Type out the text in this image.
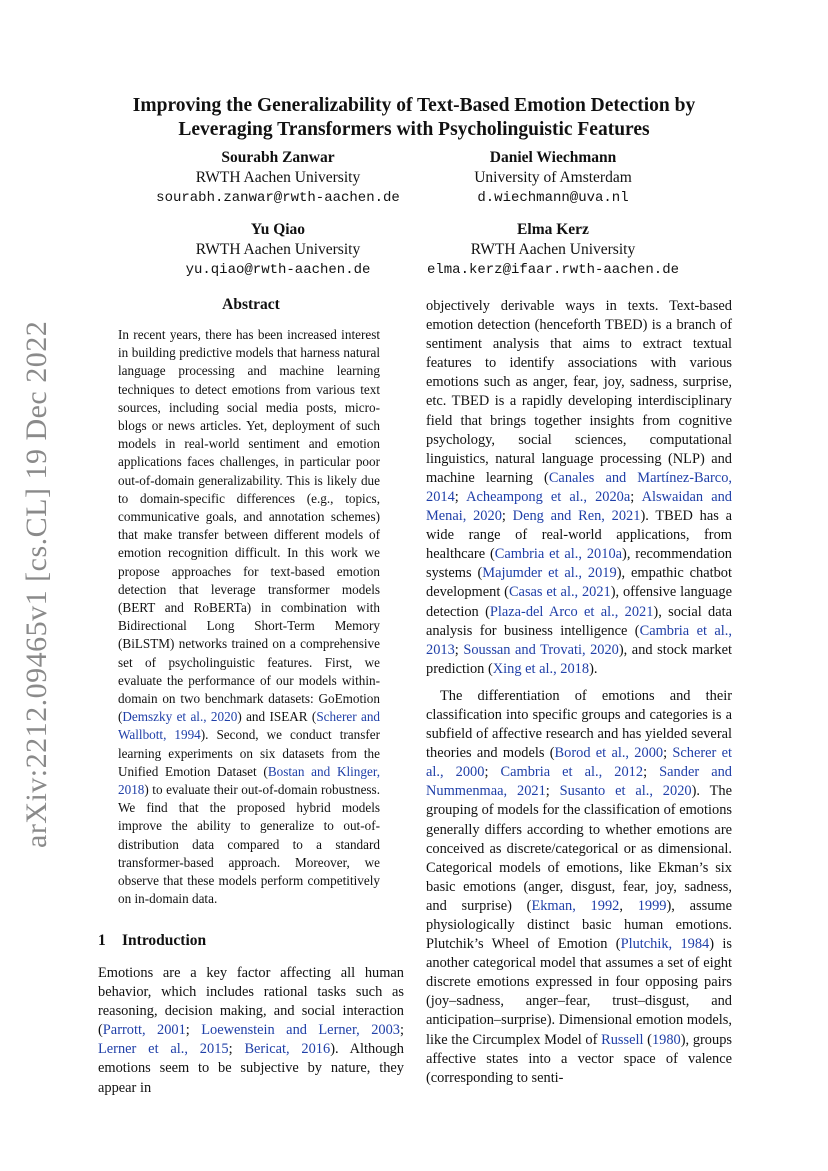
arXiv:2212.09465v1 [cs.CL] 19 Dec 2022
Improving the Generalizability of Text-Based Emotion Detection by
Leveraging Transformers with Psycholinguistic Features
Sourabh Zanwar
RWTH Aachen University
sourabh.zanwar@rwth-aachen.de
Daniel Wiechmann
University of Amsterdam
d.wiechmann@uva.nl
Yu Qiao
RWTH Aachen University
yu.qiao@rwth-aachen.de
Elma Kerz
RWTH Aachen University
elma.kerz@ifaar.rwth-aachen.de
Abstract
In recent years, there has been increased interest in building predictive models that harness natural language processing and machine learning techniques to detect emotions from various text sources, including social media posts, micro-blogs or news articles. Yet, deployment of such models in real-world sentiment and emotion applications faces challenges, in particular poor out-of-domain generalizability. This is likely due to domain-specific differences (e.g., topics, communicative goals, and annotation schemes) that make transfer between different models of emotion recognition difficult. In this work we propose approaches for text-based emotion detection that leverage transformer models (BERT and RoBERTa) in combination with Bidirectional Long Short-Term Memory (BiLSTM) networks trained on a comprehensive set of psycholinguistic features. First, we evaluate the performance of our models within-domain on two benchmark datasets: GoEmotion (Demszky et al., 2020) and ISEAR (Scherer and Wallbott, 1994). Second, we conduct transfer learning experiments on six datasets from the Unified Emotion Dataset (Bostan and Klinger, 2018) to evaluate their out-of-domain robustness. We find that the proposed hybrid models improve the ability to generalize to out-of-distribution data compared to a standard transformer-based approach. Moreover, we observe that these models perform competitively on in-domain data.
1 Introduction
Emotions are a key factor affecting all human behavior, which includes rational tasks such as reasoning, decision making, and social interaction (Parrott, 2001; Loewenstein and Lerner, 2003; Lerner et al., 2015; Bericat, 2016). Although emotions seem to be subjective by nature, they appear in

objectively derivable ways in texts. Text-based emotion detection (henceforth TBED) is a branch of sentiment analysis that aims to extract textual features to identify associations with various emotions such as anger, fear, joy, sadness, surprise, etc. TBED is a rapidly developing interdisciplinary field that brings together insights from cognitive psychology, social sciences, computational linguistics, natural language processing (NLP) and machine learning (Canales and Martínez-Barco, 2014; Acheampong et al., 2020a; Alswaidan and Menai, 2020; Deng and Ren, 2021). TBED has a wide range of real-world applications, from healthcare (Cambria et al., 2010a), recommendation systems (Majumder et al., 2019), empathic chatbot development (Casas et al., 2021), offensive language detection (Plaza-del Arco et al., 2021), social data analysis for business intelligence (Cambria et al., 2013; Soussan and Trovati, 2020), and stock market prediction (Xing et al., 2018).

The differentiation of emotions and their classification into specific groups and categories is a subfield of affective research and has yielded several theories and models (Borod et al., 2000; Scherer et al., 2000; Cambria et al., 2012; Sander and Nummenmaa, 2021; Susanto et al., 2020). The grouping of models for the classification of emotions generally differs according to whether emotions are conceived as discrete/categorical or as dimensional. Categorical models of emotions, like Ekman’s six basic emotions (anger, disgust, fear, joy, sadness, and surprise) (Ekman, 1992, 1999), assume physiologically distinct basic human emotions. Plutchik’s Wheel of Emotion (Plutchik, 1984) is another categorical model that assumes a set of eight discrete emotions expressed in four opposing pairs (joy–sadness, anger–fear, trust–disgust, and anticipation–surprise). Dimensional emotion models, like the Circumplex Model of Russell (1980), groups affective states into a vector space of valence (corresponding to senti-
